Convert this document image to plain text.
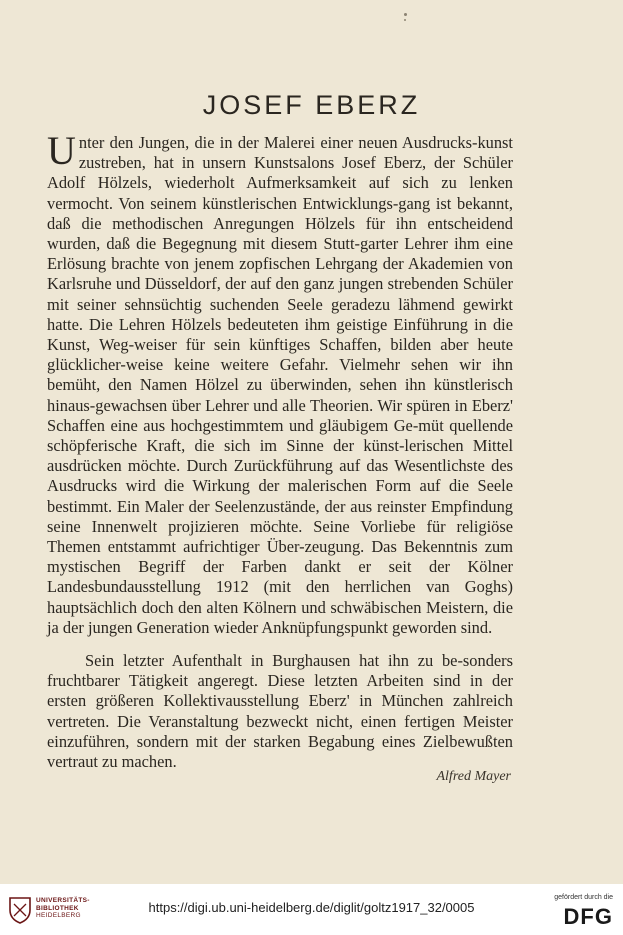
JOSEF EBERZ

Unter den Jungen, die in der Malerei einer neuen Ausdrucks-kunst zustreben, hat in unsern Kunstsalons Josef Eberz, der Schüler Adolf Hölzels, wiederholt Aufmerksamkeit auf sich zu lenken vermocht. Von seinem künstlerischen Entwicklungs-gang ist bekannt, daß die methodischen Anregungen Hölzels für ihn entscheidend wurden, daß die Begegnung mit diesem Stutt-garter Lehrer ihm eine Erlösung brachte von jenem zopfischen Lehrgang der Akademien von Karlsruhe und Düsseldorf, der auf den ganz jungen strebenden Schüler mit seiner sehnsüchtig suchenden Seele geradezu lähmend gewirkt hatte. Die Lehren Hölzels bedeuteten ihm geistige Einführung in die Kunst, Weg-weiser für sein künftiges Schaffen, bilden aber heute glücklicher-weise keine weitere Gefahr. Vielmehr sehen wir ihn bemüht, den Namen Hölzel zu überwinden, sehen ihn künstlerisch hinaus-gewachsen über Lehrer und alle Theorien. Wir spüren in Eberz' Schaffen eine aus hochgestimmtem und gläubigem Ge-müt quellende schöpferische Kraft, die sich im Sinne der künst-lerischen Mittel ausdrücken möchte. Durch Zurückführung auf das Wesentlichste des Ausdrucks wird die Wirkung der malerischen Form auf die Seele bestimmt. Ein Maler der Seelenzustände, der aus reinster Empfindung seine Innenwelt projizieren möchte. Seine Vorliebe für religiöse Themen entstammt aufrichtiger Über-zeugung. Das Bekenntnis zum mystischen Begriff der Farben dankt er seit der Kölner Landesbundausstellung 1912 (mit den herrlichen van Goghs) hauptsächlich doch den alten Kölnern und schwäbischen Meistern, die ja der jungen Generation wieder Anknüpfungspunkt geworden sind.

Sein letzter Aufenthalt in Burghausen hat ihn zu be-sonders fruchtbarer Tätigkeit angeregt. Diese letzten Arbeiten sind in der ersten größeren Kollektivausstellung Eberz' in München zahlreich vertreten. Die Veranstaltung bezweckt nicht, einen fertigen Meister einzuführen, sondern mit der starken Begabung eines Zielbewußten vertraut zu machen.

Alfred Mayer
UNIVERSITÄTS-
BIBLIOTHEK
HEIDELBERG
https://digi.ub.uni-heidelberg.de/diglit/goltz1917_32/0005
gefördert durch die
DFG
